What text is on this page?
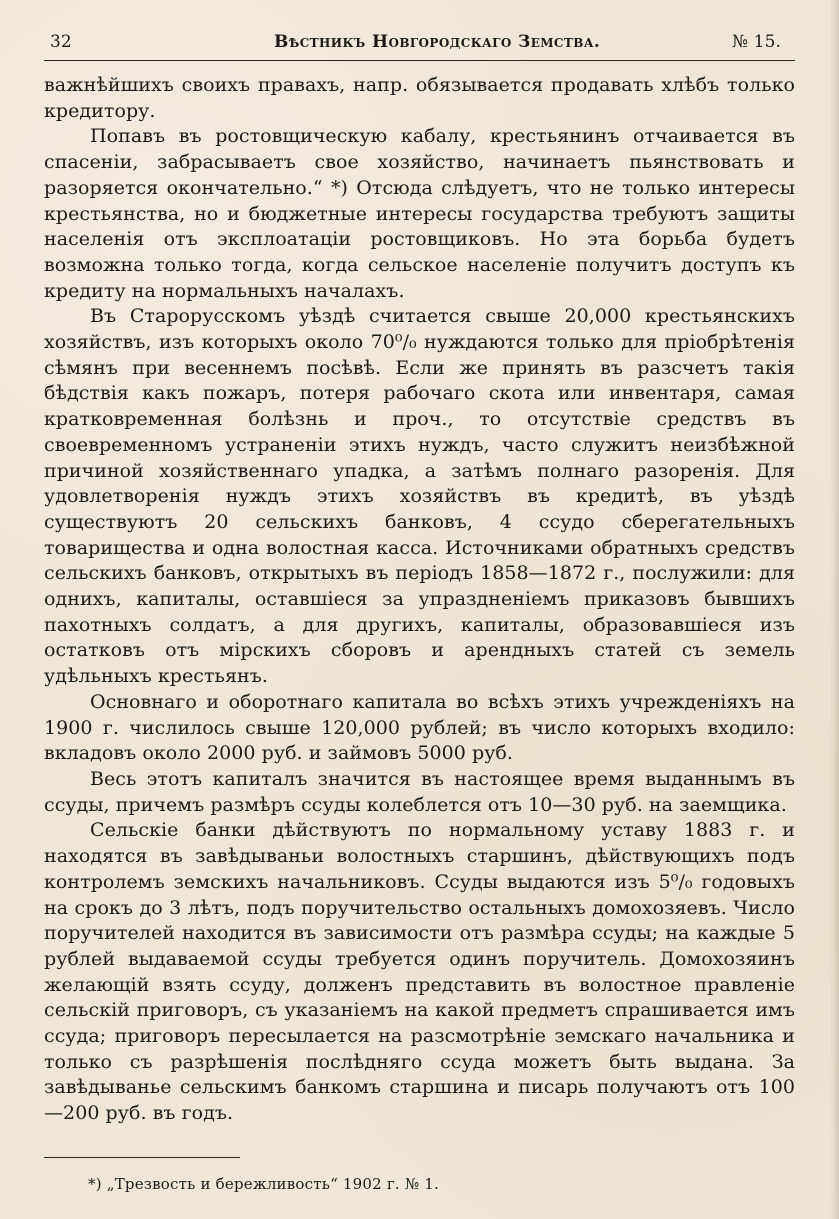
32	Вѣстникъ Новгородскаго Земства.	№ 15.

важнѣйшихъ своихъ правахъ, напр. обязывается продавать хлѣбъ только кредитору.

Попавъ въ ростовщическую кабалу, крестьянинъ отчаивается въ спасеніи, забрасываетъ свое хозяйство, начинаетъ пьянствовать и разоряется окончательно.“ *) Отсюда слѣдуетъ, что не только интересы крестьянства, но и бюджетные интересы государства требуютъ защиты населенія отъ эксплоатаціи ростовщиковъ. Но эта борьба будетъ возможна только тогда, когда сельское населеніе получитъ доступъ къ кредиту на нормальныхъ началахъ.

Въ Старорусскомъ уѣздѣ считается свыше 20,000 крестьянскихъ хозяйствъ, изъ которыхъ около 70⁰/₀ нуждаются только для пріобрѣтенія сѣмянъ при весеннемъ посѣвѣ. Если же принять въ разсчетъ такія бѣдствія какъ пожаръ, потеря рабочаго скота или инвентаря, самая кратковременная болѣзнь и проч., то отсутствіе средствъ въ своевременномъ устраненіи этихъ нуждъ, часто служитъ неизбѣжной причиной хозяйственнаго упадка, а затѣмъ полнаго разоренія. Для удовлетворенія нуждъ этихъ хозяйствъ въ кредитѣ, въ уѣздѣ существуютъ 20 сельскихъ банковъ, 4 ссудо сберегательныхъ товарищества и одна волостная касса. Источниками обратныхъ средствъ сельскихъ банковъ, открытыхъ въ періодъ 1858—1872 г., послужили: для однихъ, капиталы, оставшіеся за упраздненіемъ приказовъ бывшихъ пахотныхъ солдатъ, а для другихъ, капиталы, образовавшіеся изъ остатковъ отъ мірскихъ сборовъ и арендныхъ статей съ земель удѣльныхъ крестьянъ.

Основнаго и оборотнаго капитала во всѣхъ этихъ учрежденіяхъ на 1900 г. числилось свыше 120,000 рублей; въ число которыхъ входило: вкладовъ около 2000 руб. и займовъ 5000 руб.

Весь этотъ капиталъ значится въ настоящее время выданнымъ въ ссуды, причемъ размѣръ ссуды колеблется отъ 10—30 руб. на заемщика.

Сельскіе банки дѣйствуютъ по нормальному уставу 1883 г. и находятся въ завѣдываньи волостныхъ старшинъ, дѣйствующихъ подъ контролемъ земскихъ начальниковъ. Ссуды выдаются изъ 5⁰/₀ годовыхъ на срокъ до 3 лѣтъ, подъ поручительство остальныхъ домохозяевъ. Число поручителей находится въ зависимости отъ размѣра ссуды; на каждые 5 рублей выдаваемой ссуды требуется одинъ поручитель. Домохозяинъ желающій взять ссуду, долженъ представить въ волостное правленіе сельскій приговоръ, съ указаніемъ на какой предметъ спрашивается имъ ссуда; приговоръ пересылается на разсмотрѣніе земскаго начальника и только съ разрѣшенія послѣдняго ссуда можетъ быть выдана. За завѣдыванье сельскимъ банкомъ старшина и писарь получаютъ отъ 100—200 руб. въ годъ.

*) „Трезвость и бережливость“ 1902 г. № 1.
